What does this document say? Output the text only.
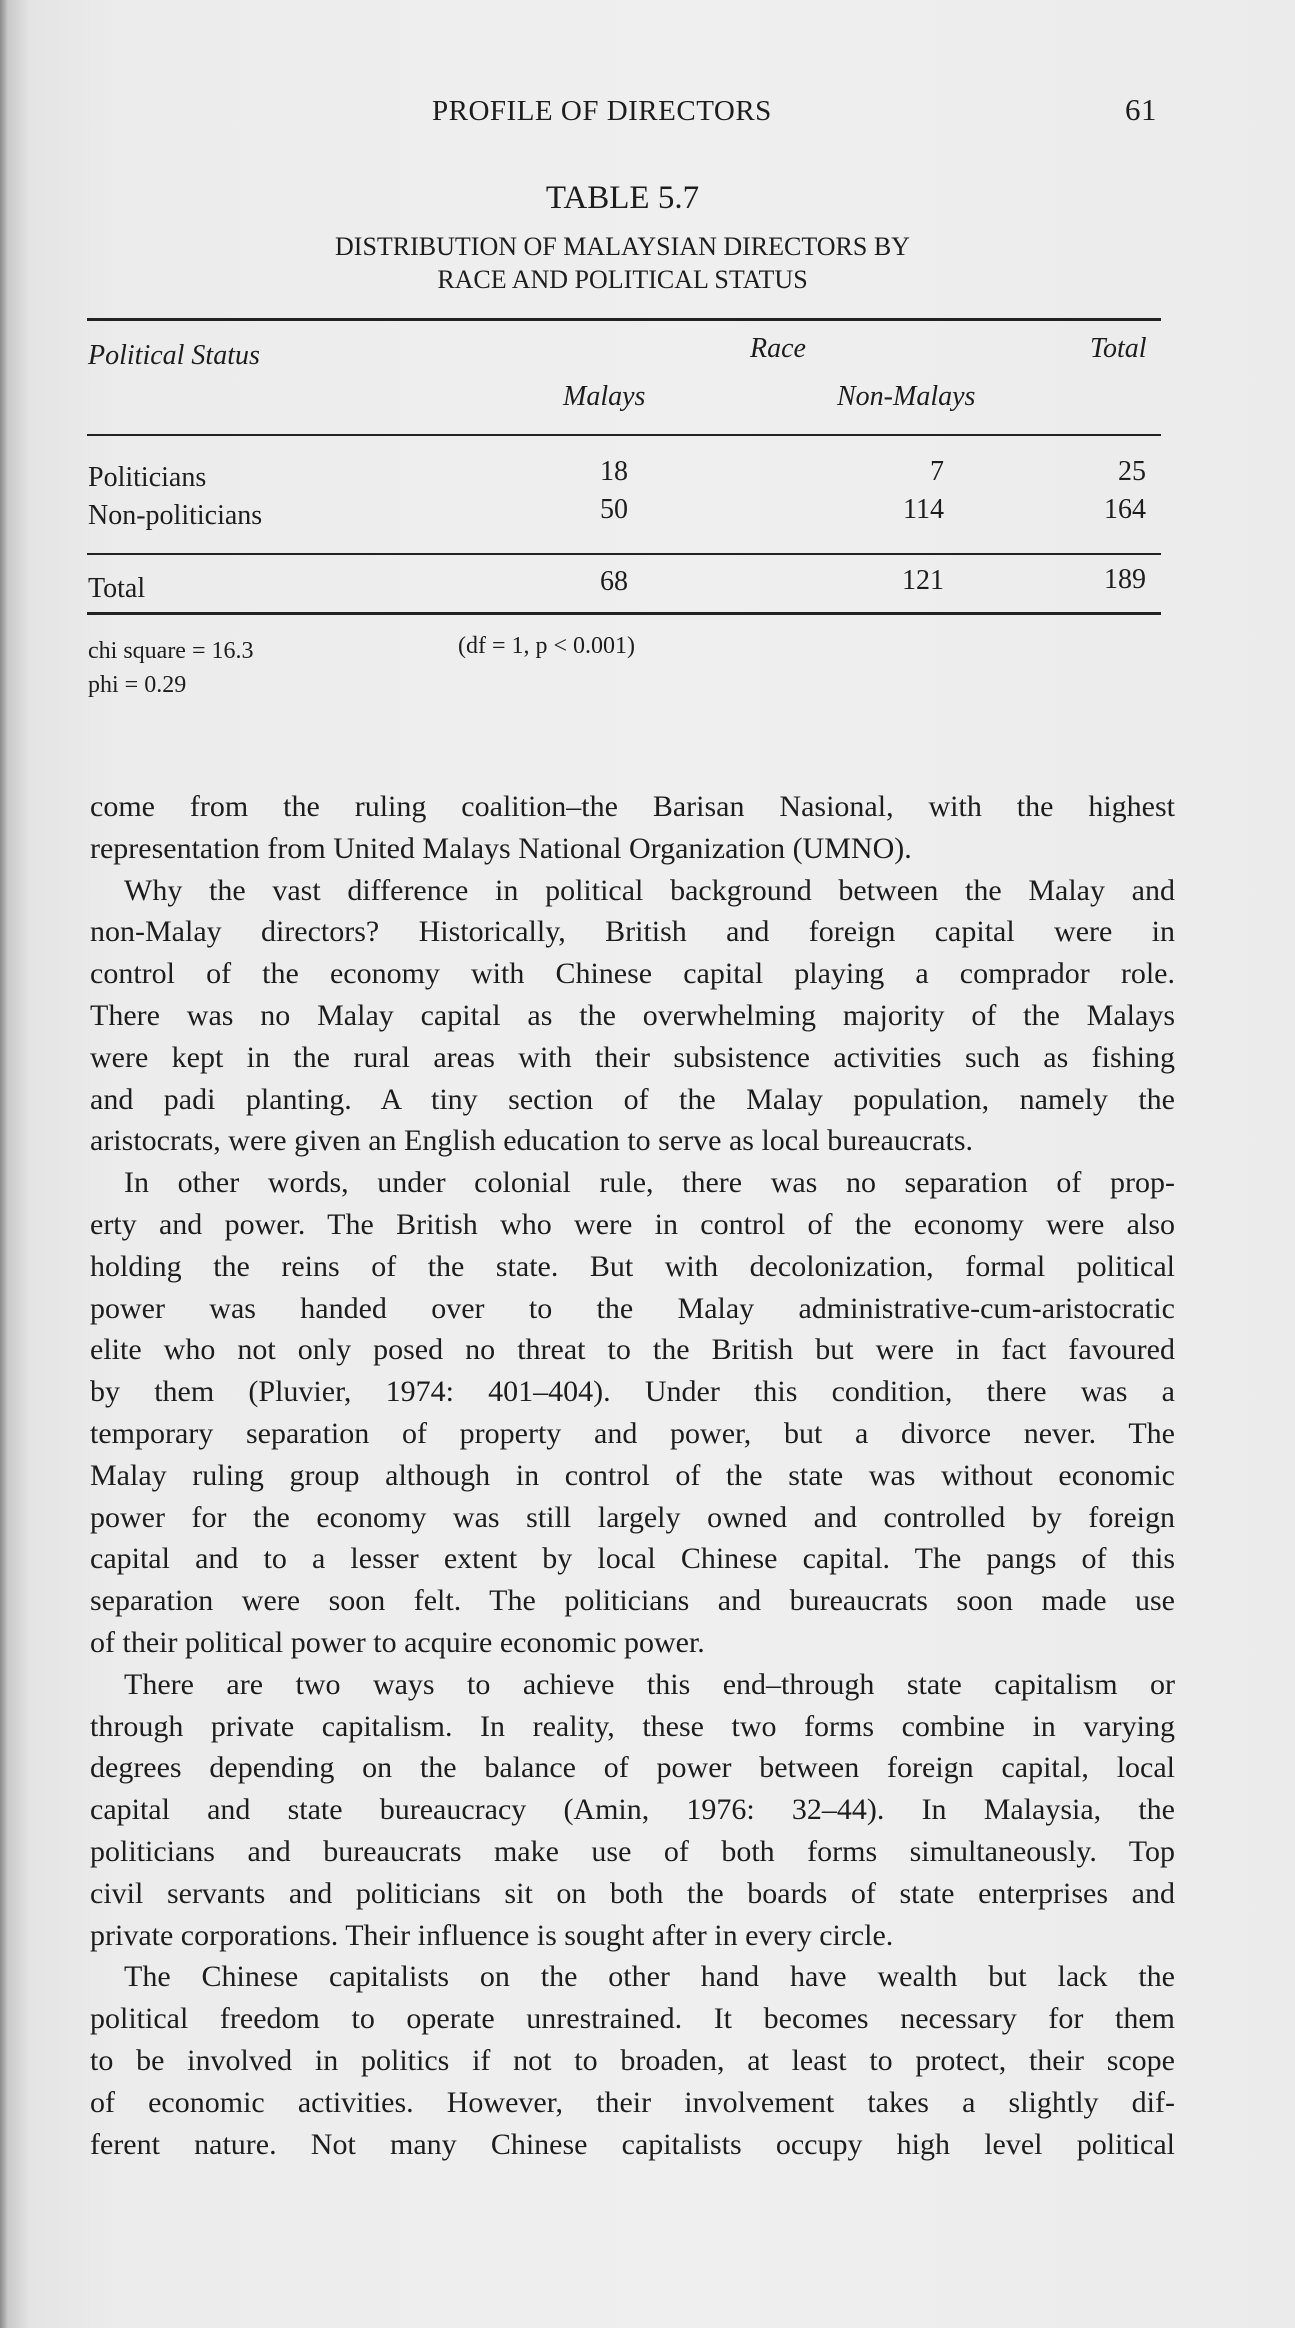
PROFILE OF DIRECTORS	61
TABLE 5.7
DISTRIBUTION OF MALAYSIAN DIRECTORS BY
RACE AND POLITICAL STATUS
Political Status	Race	Total
Malays	Non-Malays
Politicians	18	7	25
Non-politicians	50	114	164
Total	68	121	189
chi square = 16.3	(df = 1, p < 0.001)
phi = 0.29
come from the ruling coalition–the Barisan Nasional, with the highest
representation from United Malays National Organization (UMNO).
Why the vast difference in political background between the Malay and
non-Malay directors? Historically, British and foreign capital were in
control of the economy with Chinese capital playing a comprador role.
There was no Malay capital as the overwhelming majority of the Malays
were kept in the rural areas with their subsistence activities such as fishing
and padi planting. A tiny section of the Malay population, namely the
aristocrats, were given an English education to serve as local bureaucrats.
In other words, under colonial rule, there was no separation of prop-
erty and power. The British who were in control of the economy were also
holding the reins of the state. But with decolonization, formal political
power was handed over to the Malay administrative-cum-aristocratic
elite who not only posed no threat to the British but were in fact favoured
by them (Pluvier, 1974: 401–404). Under this condition, there was a
temporary separation of property and power, but a divorce never. The
Malay ruling group although in control of the state was without economic
power for the economy was still largely owned and controlled by foreign
capital and to a lesser extent by local Chinese capital. The pangs of this
separation were soon felt. The politicians and bureaucrats soon made use
of their political power to acquire economic power.
There are two ways to achieve this end–through state capitalism or
through private capitalism. In reality, these two forms combine in varying
degrees depending on the balance of power between foreign capital, local
capital and state bureaucracy (Amin, 1976: 32–44). In Malaysia, the
politicians and bureaucrats make use of both forms simultaneously. Top
civil servants and politicians sit on both the boards of state enterprises and
private corporations. Their influence is sought after in every circle.
The Chinese capitalists on the other hand have wealth but lack the
political freedom to operate unrestrained. It becomes necessary for them
to be involved in politics if not to broaden, at least to protect, their scope
of economic activities. However, their involvement takes a slightly dif-
ferent nature. Not many Chinese capitalists occupy high level political
